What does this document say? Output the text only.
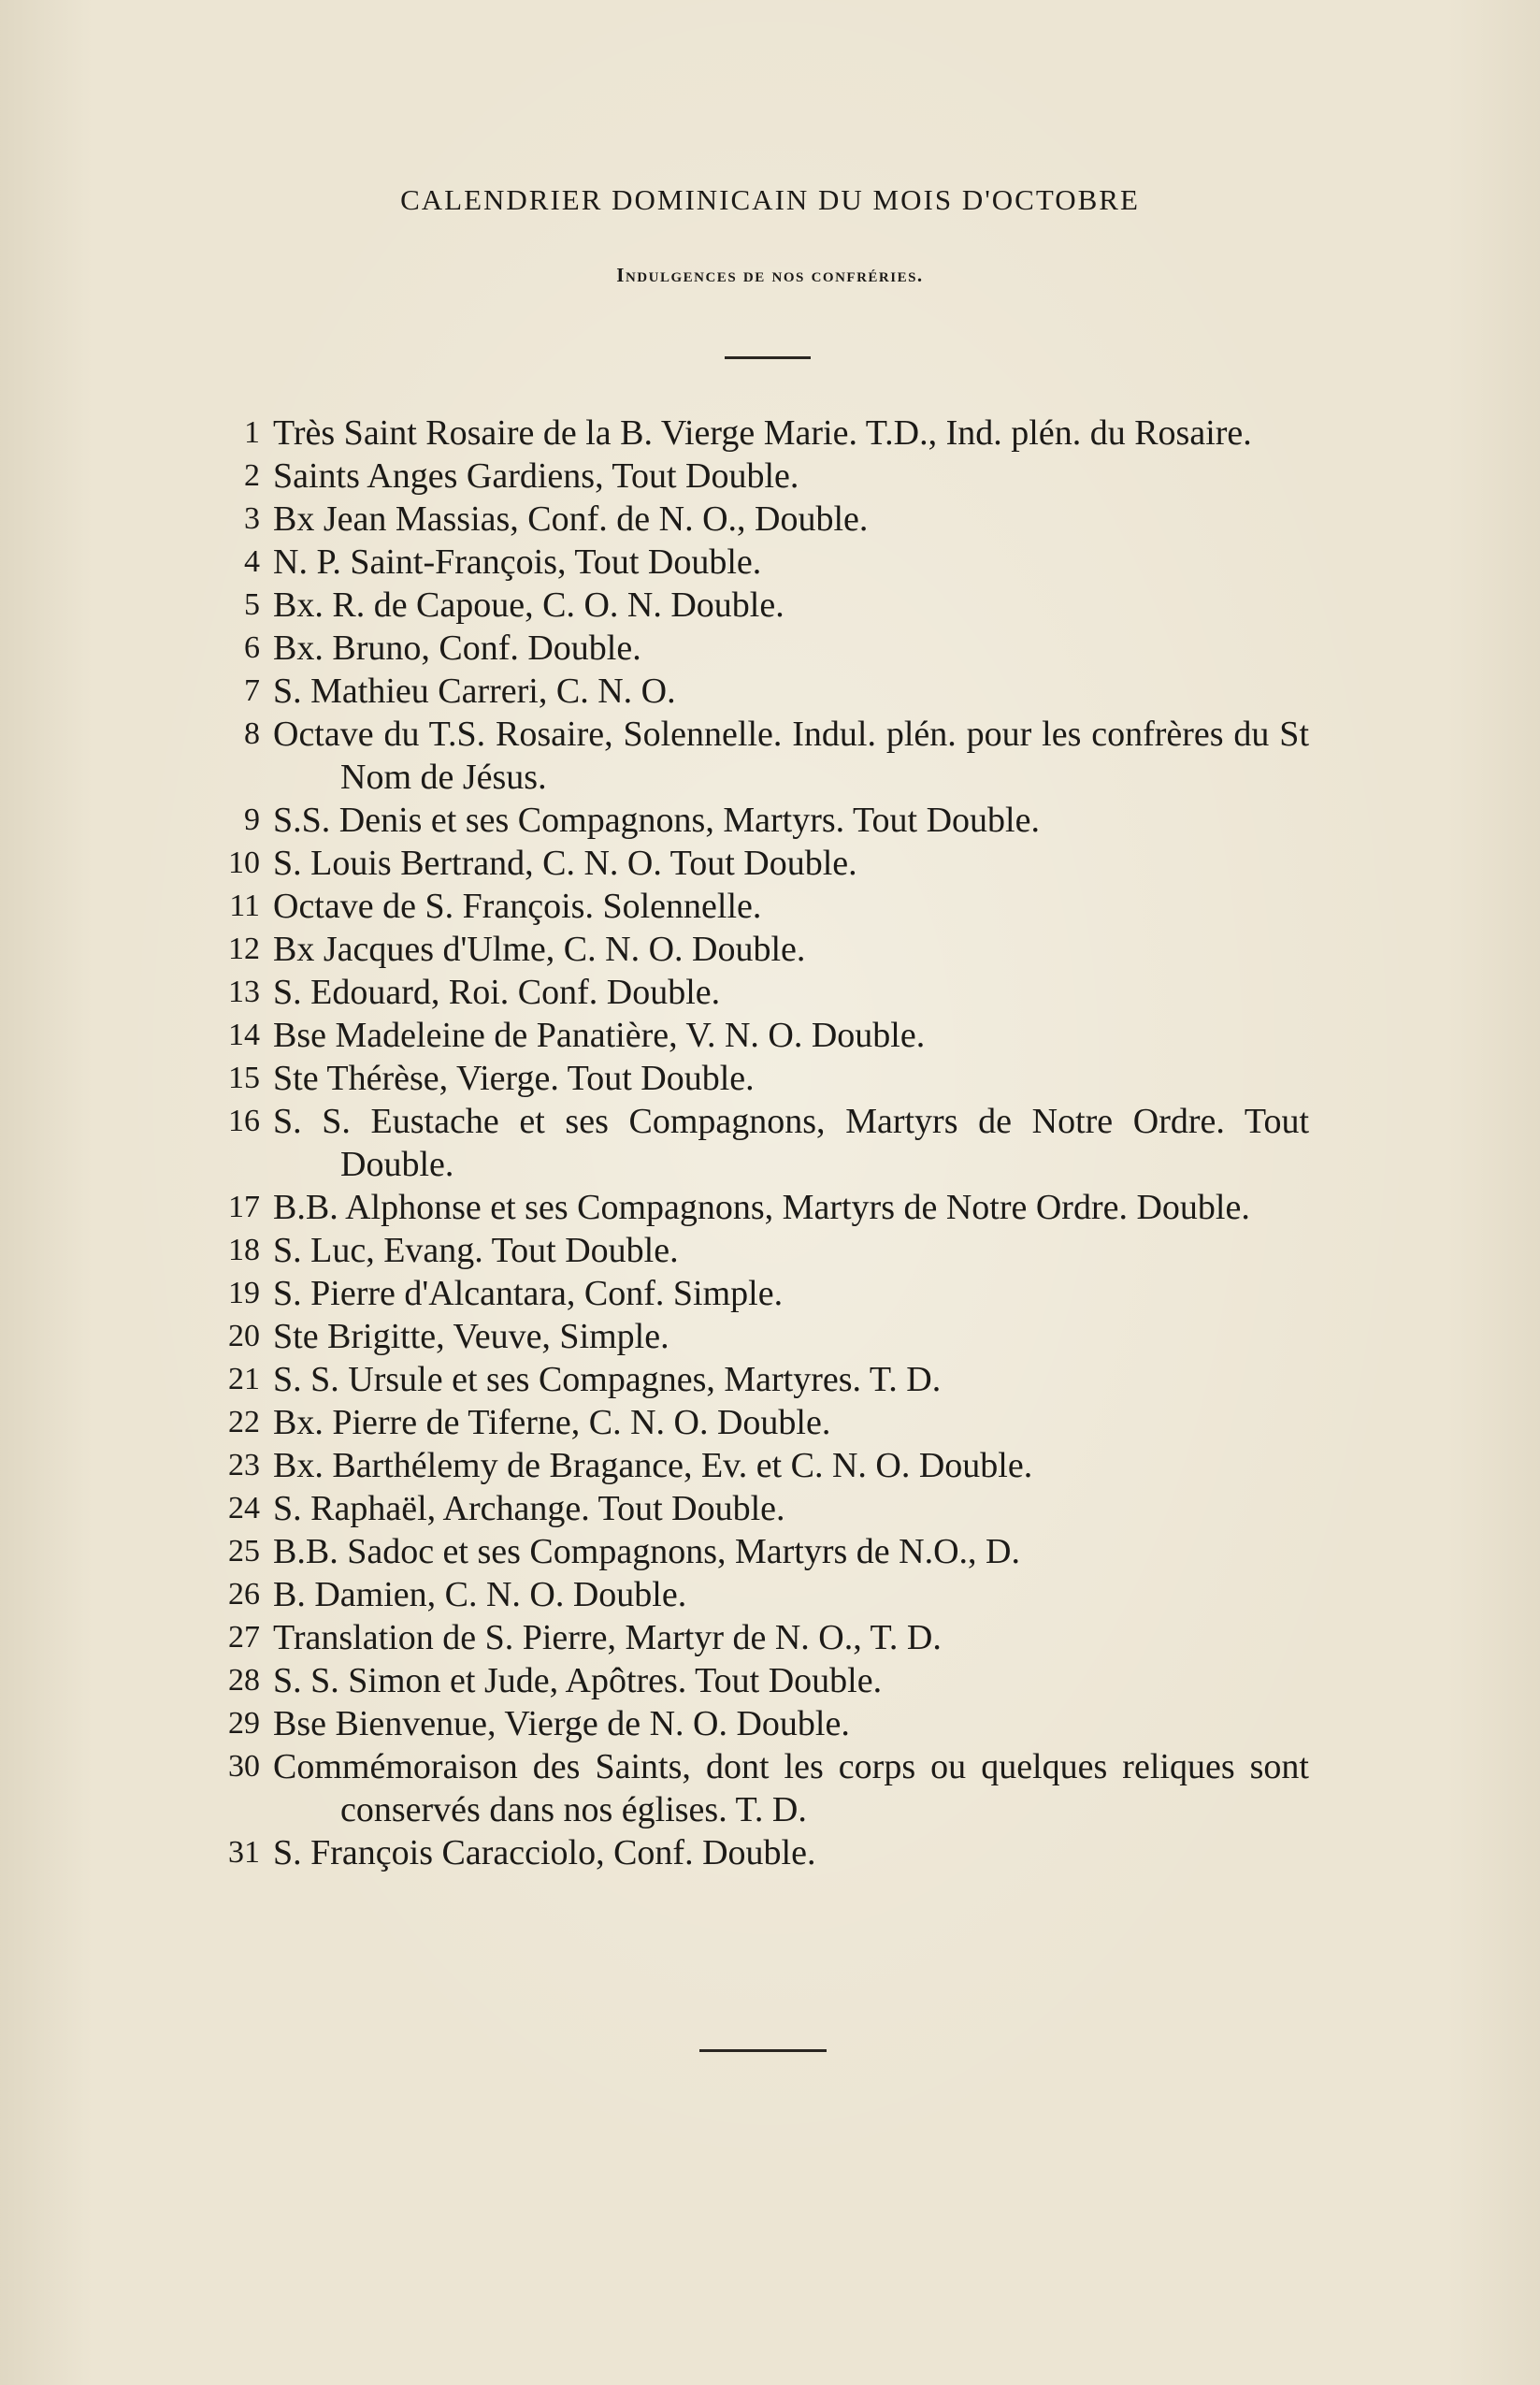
CALENDRIER DOMINICAIN DU MOIS D'OCTOBRE
Indulgences de nos confréries.
1 Très Saint Rosaire de la B. Vierge Marie. T.D., Ind. plén. du Rosaire.
2 Saints Anges Gardiens, Tout Double.
3 Bx Jean Massias, Conf. de N. O., Double.
4 N. P. Saint-François, Tout Double.
5 Bx. R. de Capoue, C. O. N. Double.
6 Bx. Bruno, Conf. Double.
7 S. Mathieu Carreri, C. N. O.
8 Octave du T.S. Rosaire, Solennelle. Indul. plén. pour les confrères du St Nom de Jésus.
9 S.S. Denis et ses Compagnons, Martyrs. Tout Double.
10 S. Louis Bertrand, C. N. O. Tout Double.
11 Octave de S. François. Solennelle.
12 Bx Jacques d'Ulme, C. N. O. Double.
13 S. Edouard, Roi. Conf. Double.
14 Bse Madeleine de Panatière, V. N. O. Double.
15 Ste Thérèse, Vierge. Tout Double.
16 S. S. Eustache et ses Compagnons, Martyrs de Notre Ordre. Tout Double.
17 B.B. Alphonse et ses Compagnons, Martyrs de Notre Ordre. Double.
18 S. Luc, Evang. Tout Double.
19 S. Pierre d'Alcantara, Conf. Simple.
20 Ste Brigitte, Veuve, Simple.
21 S. S. Ursule et ses Compagnes, Martyres. T. D.
22 Bx. Pierre de Tiferne, C. N. O. Double.
23 Bx. Barthélemy de Bragance, Ev. et C. N. O. Double.
24 S. Raphaël, Archange. Tout Double.
25 B.B. Sadoc et ses Compagnons, Martyrs de N.O., D.
26 B. Damien, C. N. O. Double.
27 Translation de S. Pierre, Martyr de N. O., T. D.
28 S. S. Simon et Jude, Apôtres. Tout Double.
29 Bse Bienvenue, Vierge de N. O. Double.
30 Commémoraison des Saints, dont les corps ou quelques reliques sont conservés dans nos églises. T. D.
31 S. François Caracciolo, Conf. Double.
